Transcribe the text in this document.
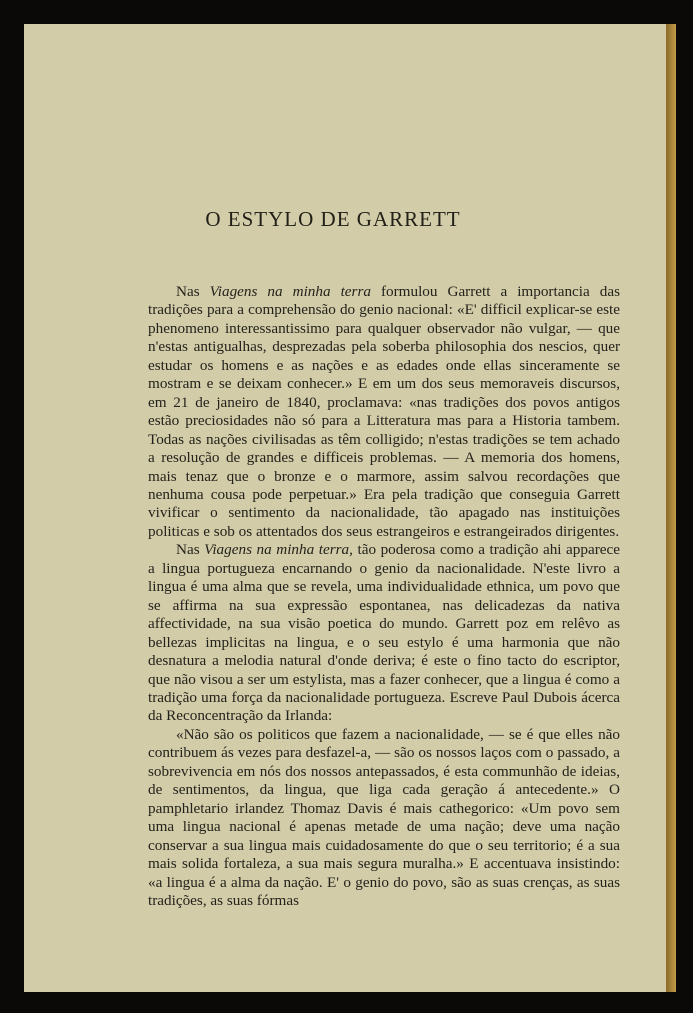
O ESTYLO DE GARRETT

Nas Viagens na minha terra formulou Garrett a importancia das tradições para a comprehensão do genio nacional: «E' difficil explicar-se este phenomeno interessantissimo para qualquer observador não vulgar, — que n'estas antigualhas, desprezadas pela soberba philosophia dos nescios, quer estudar os homens e as nações e as edades onde ellas sinceramente se mostram e se deixam conhecer.» E em um dos seus memoraveis discursos, em 21 de janeiro de 1840, proclamava: «nas tradições dos povos antigos estão preciosidades não só para a Litteratura mas para a Historia tambem. Todas as nações civilisadas as têm colligido; n'estas tradições se tem achado a resolução de grandes e difficeis problemas. — A memoria dos homens, mais tenaz que o bronze e o marmore, assim salvou recordações que nenhuma cousa pode perpetuar.» Era pela tradição que conseguia Garrett vivificar o sentimento da nacionalidade, tão apagado nas instituições politicas e sob os attentados dos seus estrangeiros e estrangeirados dirigentes.

Nas Viagens na minha terra, tão poderosa como a tradição ahi apparece a lingua portugueza encarnando o genio da nacionalidade. N'este livro a lingua é uma alma que se revela, uma individualidade ethnica, um povo que se affirma na sua expressão espontanea, nas delicadezas da nativa affectividade, na sua visão poetica do mundo. Garrett poz em relêvo as bellezas implicitas na lingua, e o seu estylo é uma harmonia que não desnatura a melodia natural d'onde deriva; é este o fino tacto do escriptor, que não visou a ser um estylista, mas a fazer conhecer, que a lingua é como a tradição uma força da nacionalidade portugueza. Escreve Paul Dubois ácerca da Reconcentração da Irlanda:

«Não são os politicos que fazem a nacionalidade, — se é que elles não contribuem ás vezes para desfazel-a, — são os nossos laços com o passado, a sobrevivencia em nós dos nossos antepassados, é esta communhão de ideias, de sentimentos, da lingua, que liga cada geração á antecedente.» O pamphletario irlandez Thomaz Davis é mais cathegorico: «Um povo sem uma lingua nacional é apenas metade de uma nação; deve uma nação conservar a sua lingua mais cuidadosamente do que o seu territorio; é a sua mais solida fortaleza, a sua mais segura muralha.» E accentuava insistindo: «a lingua é a alma da nação. E' o genio do povo, são as suas crenças, as suas tradições, as suas fórmas
